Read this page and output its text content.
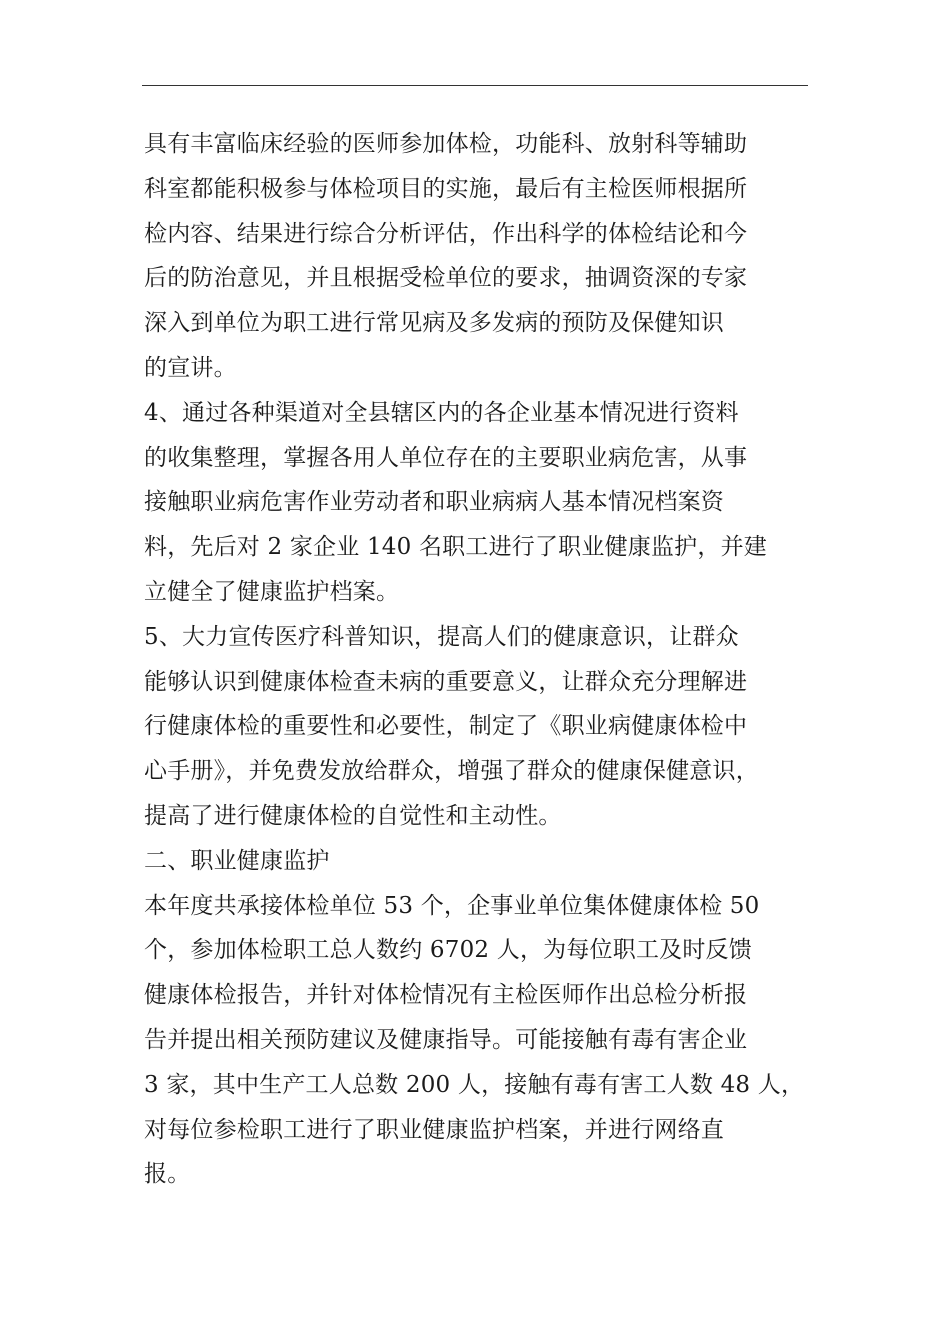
具有丰富临床经验的医师参加体检，功能科、放射科等辅助
科室都能积极参与体检项目的实施，最后有主检医师根据所
检内容、结果进行综合分析评估，作出科学的体检结论和今
后的防治意见，并且根据受检单位的要求，抽调资深的专家
深入到单位为职工进行常见病及多发病的预防及保健知识
的宣讲。
4、通过各种渠道对全县辖区内的各企业基本情况进行资料
的收集整理，掌握各用人单位存在的主要职业病危害，从事
接触职业病危害作业劳动者和职业病病人基本情况档案资
料，先后对 2 家企业 140 名职工进行了职业健康监护，并建
立健全了健康监护档案。
5、大力宣传医疗科普知识，提高人们的健康意识，让群众
能够认识到健康体检查未病的重要意义，让群众充分理解进
行健康体检的重要性和必要性，制定了《职业病健康体检中
心手册》，并免费发放给群众，增强了群众的健康保健意识，
提高了进行健康体检的自觉性和主动性。
二、职业健康监护
本年度共承接体检单位 53 个，企事业单位集体健康体检 50
个，参加体检职工总人数约 6702 人，为每位职工及时反馈
健康体检报告，并针对体检情况有主检医师作出总检分析报
告并提出相关预防建议及健康指导。可能接触有毒有害企业
3 家，其中生产工人总数 200 人，接触有毒有害工人数 48 人，
对每位参检职工进行了职业健康监护档案，并进行网络直
报。
